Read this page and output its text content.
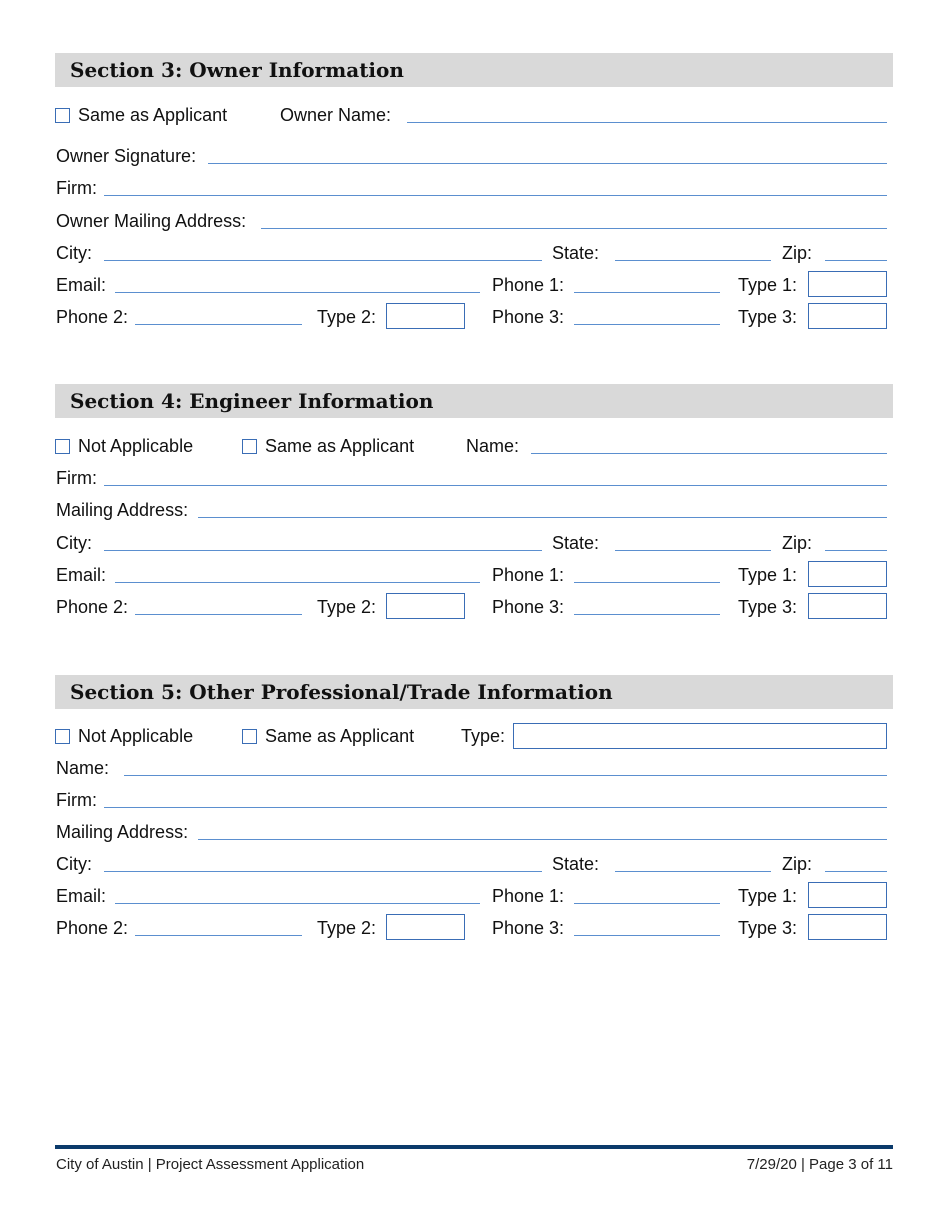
Section 3: Owner Information
Same as Applicant	Owner Name:
Owner Signature:
Firm:
Owner Mailing Address:
City:	State:	Zip:
Email:	Phone 1:	Type 1:
Phone 2:	Type 2:	Phone 3:	Type 3:
Section 4: Engineer Information
Not Applicable	Same as Applicant	Name:
Firm:
Mailing Address:
City:	State:	Zip:
Email:	Phone 1:	Type 1:
Phone 2:	Type 2:	Phone 3:	Type 3:
Section 5: Other Professional/Trade Information
Not Applicable	Same as Applicant	Type:
Name:
Firm:
Mailing Address:
City:	State:	Zip:
Email:	Phone 1:	Type 1:
Phone 2:	Type 2:	Phone 3:	Type 3:
City of Austin | Project Assessment Application	7/29/20 | Page 3 of 11
